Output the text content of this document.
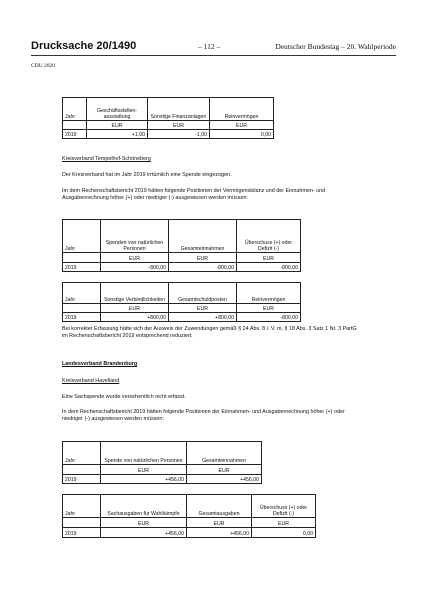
Drucksache 20/1490	– 112 –	Deutscher Bundestag – 20. Wahlperiode
CDU 2020
Jahr	Geschäftsstellen-ausstattung	Sonstige Finanzanlagen	Reinvermögen
	EUR	EUR	EUR
2019	+1,00	-1,00	0,00
Kreisverband Tempelhof-Schöneberg
Der Kreisverband hat im Jahr 2019 irrtümlich eine Spende eingezogen.
Im dem Rechenschaftsbericht 2019 hätten folgende Positionen der Vermögensbilanz und der Einnahmen- und Ausgabenrechnung höher (+) oder niedriger (-) ausgewiesen werden müssen:
Jahr	Spenden von natürlichen Personen	Gesamteinnahmen	Überschuss (+) oder Defizit (-)
	EUR	EUR	EUR
2019	-800,00	-800,00	-800,00
Jahr	Sonstige Verbindlichkeiten	Gesamtschuldposten	Reinvermögen
	EUR	EUR	EUR
2019	+800,00	+800,00	-800,00
Bei korrekter Erfassung hätte sich der Ausweis der Zuwendungen gemäß § 24 Abs. 8 i. V. m. § 18 Abs. 3 Satz 1 Nr. 3 PartG im Rechenschaftsbericht 2019 entsprechend reduziert.
Landesverband Brandenburg
Kreisverband Havelland
Eine Sachspende wurde versehentlich nicht erfasst.
In dem Rechenschaftsbericht 2019 hätten folgende Positionen der Einnahmen- und Ausgabenrechnung höher (+) oder niedriger (-) ausgewiesen werden müssen:
Jahr	Spende von natürlichen Personen	Gesamteinnahmen
	EUR	EUR
2019	+456,00	+456,00
Jahr	Sachausgaben für Wahlkämpfe	Gesamtausgaben	Überschuss (+) oder Defizit (-)
	EUR	EUR	EUR
2019	+456,00	+456,00	0,00
